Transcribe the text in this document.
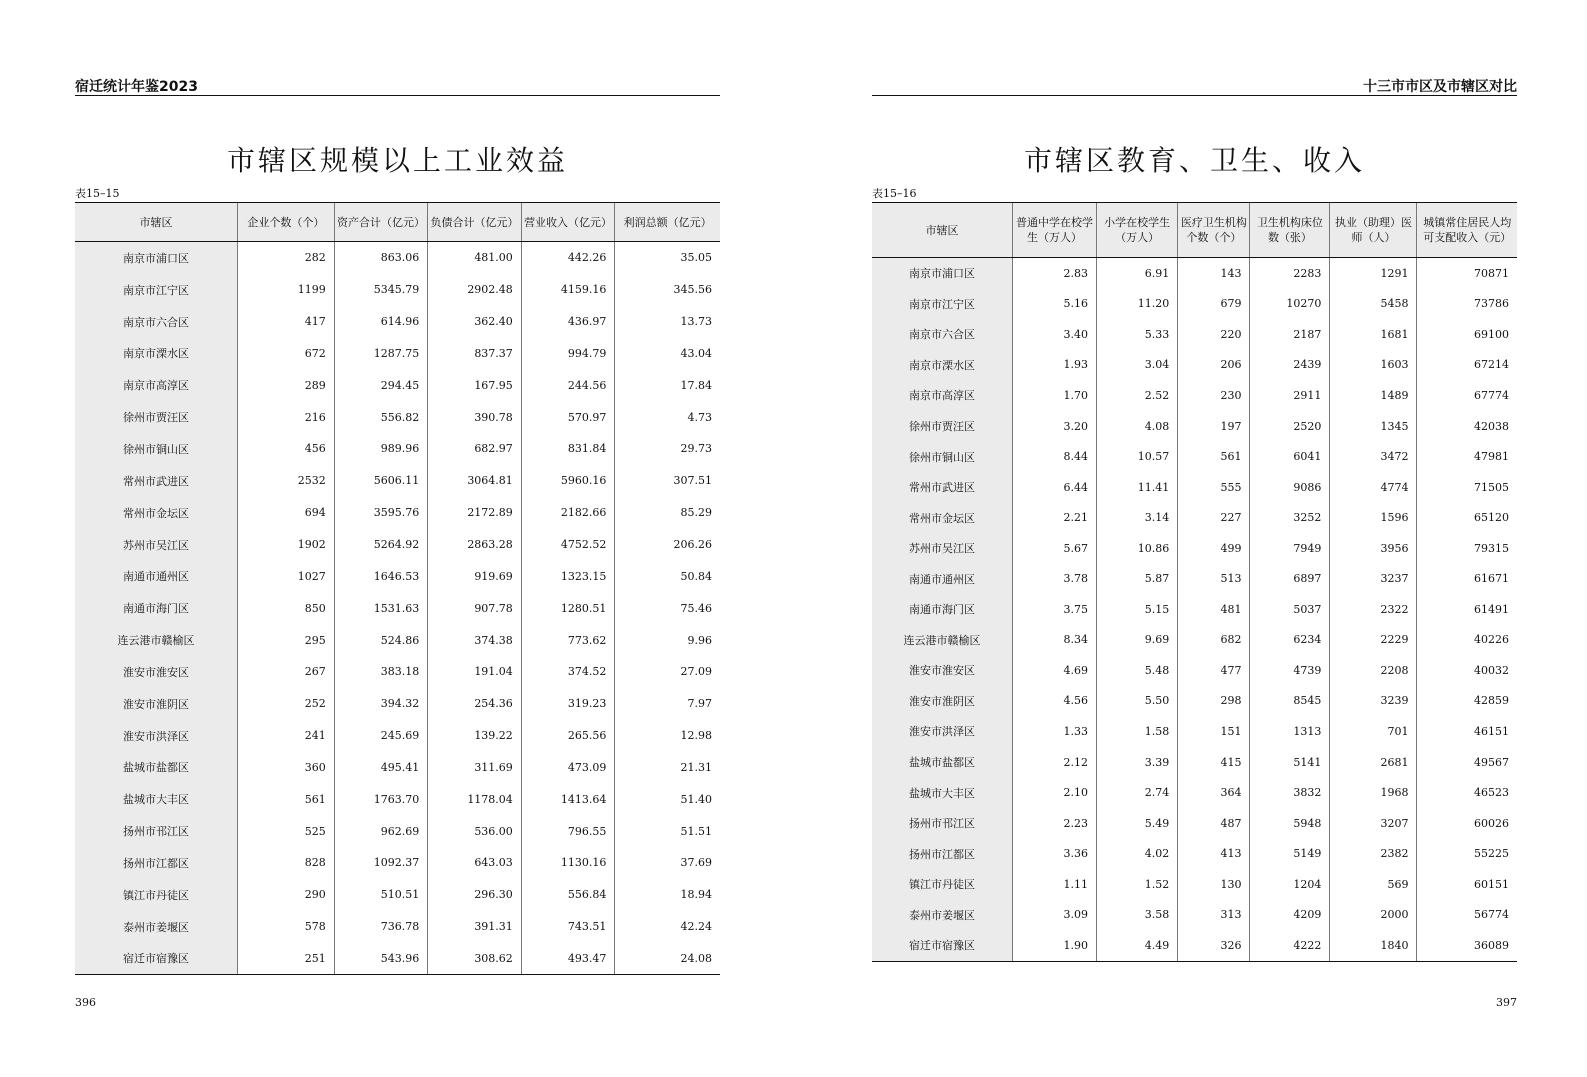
宿迁统计年鉴2023
市辖区规模以上工业效益
表15–15
市辖区	企业个数（个）	资产合计（亿元）	负债合计（亿元）	营业收入（亿元）	利润总额（亿元）
南京市浦口区	282	863.06	481.00	442.26	35.05
南京市江宁区	1199	5345.79	2902.48	4159.16	345.56
南京市六合区	417	614.96	362.40	436.97	13.73
南京市溧水区	672	1287.75	837.37	994.79	43.04
南京市高淳区	289	294.45	167.95	244.56	17.84
徐州市贾汪区	216	556.82	390.78	570.97	4.73
徐州市铜山区	456	989.96	682.97	831.84	29.73
常州市武进区	2532	5606.11	3064.81	5960.16	307.51
常州市金坛区	694	3595.76	2172.89	2182.66	85.29
苏州市吴江区	1902	5264.92	2863.28	4752.52	206.26
南通市通州区	1027	1646.53	919.69	1323.15	50.84
南通市海门区	850	1531.63	907.78	1280.51	75.46
连云港市赣榆区	295	524.86	374.38	773.62	9.96
淮安市淮安区	267	383.18	191.04	374.52	27.09
淮安市淮阴区	252	394.32	254.36	319.23	7.97
淮安市洪泽区	241	245.69	139.22	265.56	12.98
盐城市盐都区	360	495.41	311.69	473.09	21.31
盐城市大丰区	561	1763.70	1178.04	1413.64	51.40
扬州市邗江区	525	962.69	536.00	796.55	51.51
扬州市江都区	828	1092.37	643.03	1130.16	37.69
镇江市丹徒区	290	510.51	296.30	556.84	18.94
泰州市姜堰区	578	736.78	391.31	743.51	42.24
宿迁市宿豫区	251	543.96	308.62	493.47	24.08
396
十三市市区及市辖区对比
市辖区教育、卫生、收入
表15–16
市辖区	普通中学在校学生（万人）	小学在校学生（万人）	医疗卫生机构个数（个）	卫生机构床位数（张）	执业（助理）医师（人）	城镇常住居民人均可支配收入（元）
南京市浦口区	2.83	6.91	143	2283	1291	70871
南京市江宁区	5.16	11.20	679	10270	5458	73786
南京市六合区	3.40	5.33	220	2187	1681	69100
南京市溧水区	1.93	3.04	206	2439	1603	67214
南京市高淳区	1.70	2.52	230	2911	1489	67774
徐州市贾汪区	3.20	4.08	197	2520	1345	42038
徐州市铜山区	8.44	10.57	561	6041	3472	47981
常州市武进区	6.44	11.41	555	9086	4774	71505
常州市金坛区	2.21	3.14	227	3252	1596	65120
苏州市吴江区	5.67	10.86	499	7949	3956	79315
南通市通州区	3.78	5.87	513	6897	3237	61671
南通市海门区	3.75	5.15	481	5037	2322	61491
连云港市赣榆区	8.34	9.69	682	6234	2229	40226
淮安市淮安区	4.69	5.48	477	4739	2208	40032
淮安市淮阴区	4.56	5.50	298	8545	3239	42859
淮安市洪泽区	1.33	1.58	151	1313	701	46151
盐城市盐都区	2.12	3.39	415	5141	2681	49567
盐城市大丰区	2.10	2.74	364	3832	1968	46523
扬州市邗江区	2.23	5.49	487	5948	3207	60026
扬州市江都区	3.36	4.02	413	5149	2382	55225
镇江市丹徒区	1.11	1.52	130	1204	569	60151
泰州市姜堰区	3.09	3.58	313	4209	2000	56774
宿迁市宿豫区	1.90	4.49	326	4222	1840	36089
397
